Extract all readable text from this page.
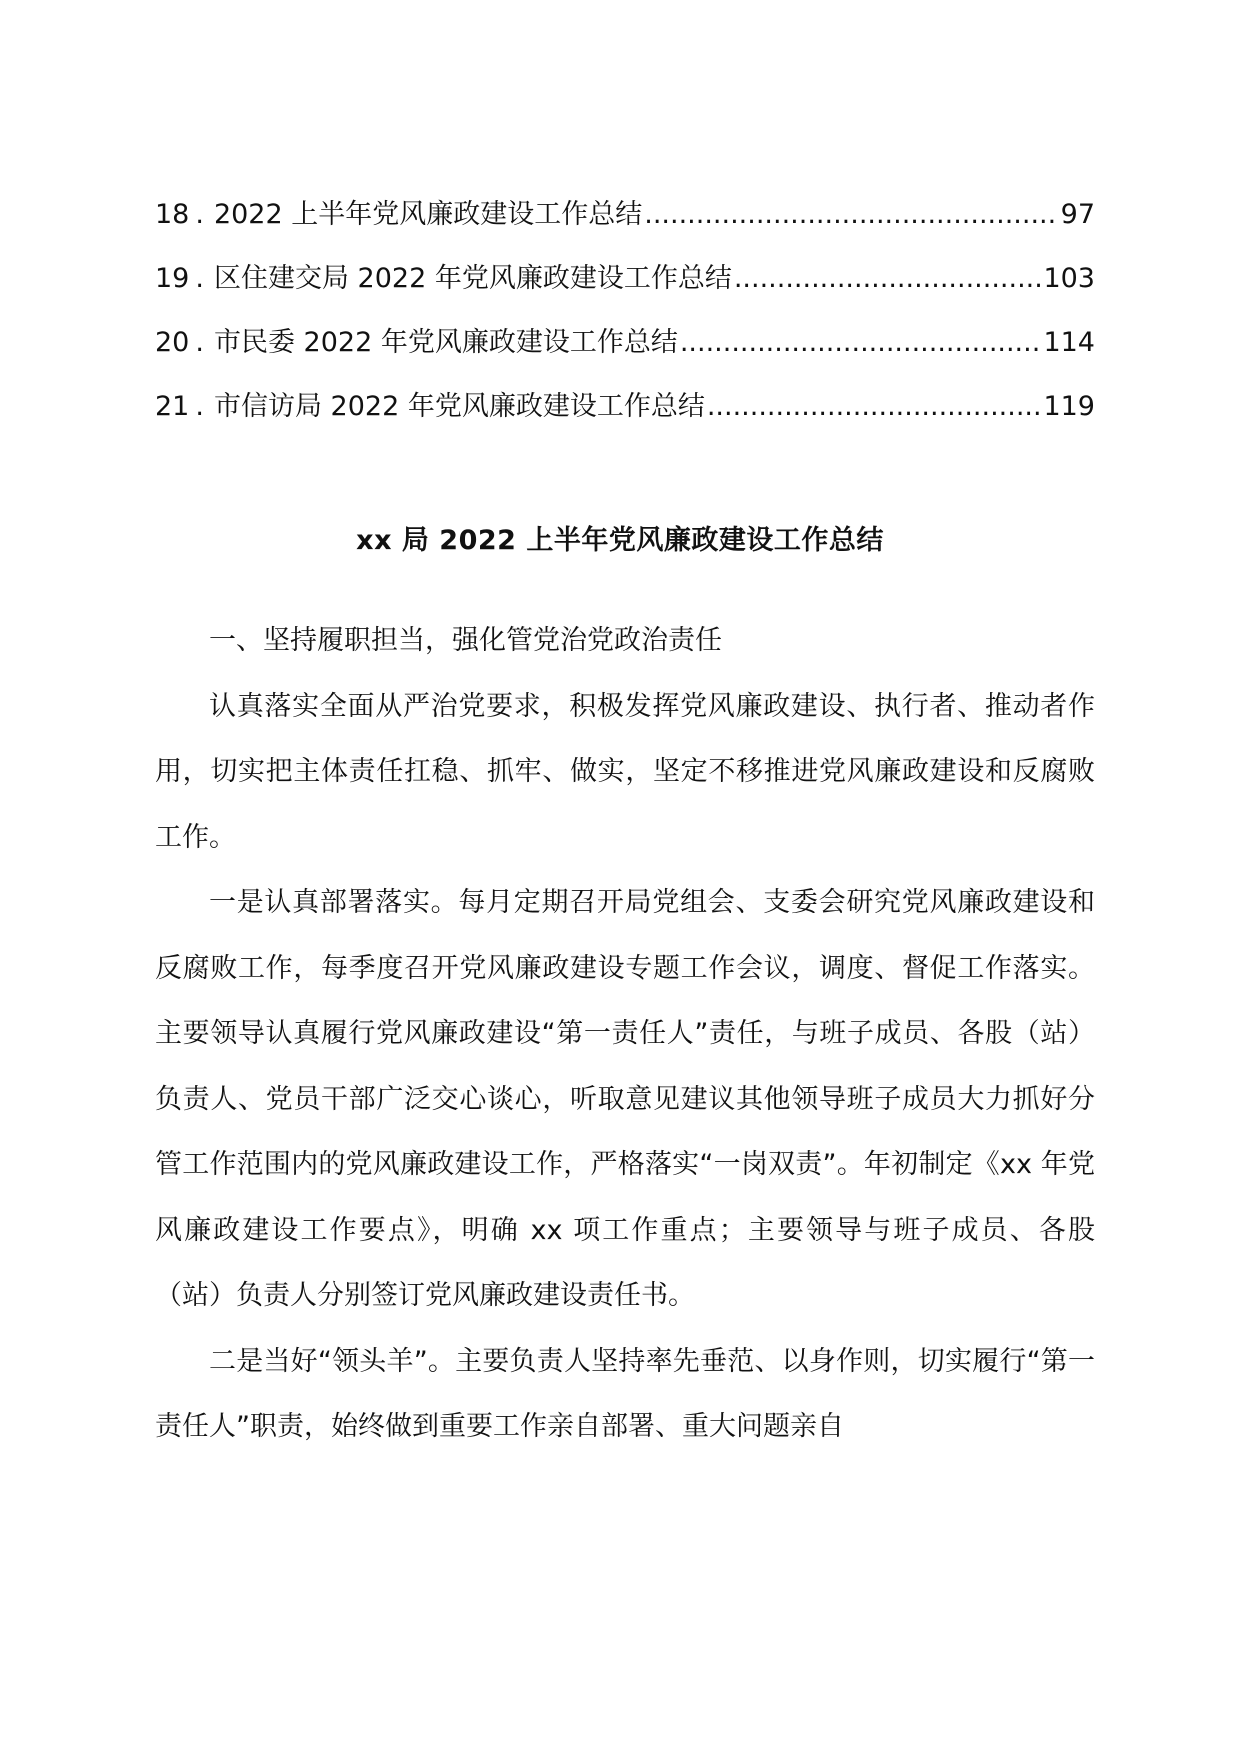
18 . 2022 上半年党风廉政建设工作总结 .....	97
19 . 区住建交局 2022 年党风廉政建设工作总结 .....	103
20 . 市民委 2022 年党风廉政建设工作总结 .....	114
21 . 市信访局 2022 年党风廉政建设工作总结 .....	119
xx 局 2022 上半年党风廉政建设工作总结

一、坚持履职担当，强化管党治党政治责任

认真落实全面从严治党要求，积极发挥党风廉政建设、执行者、推动者作用，切实把主体责任扛稳、抓牢、做实，坚定不移推进党风廉政建设和反腐败工作。

一是认真部署落实。每月定期召开局党组会、支委会研究党风廉政建设和反腐败工作，每季度召开党风廉政建设专题工作会议，调度、督促工作落实。主要领导认真履行党风廉政建设“第一责任人”责任，与班子成员、各股（站）负责人、党员干部广泛交心谈心，听取意见建议其他领导班子成员大力抓好分管工作范围内的党风廉政建设工作，严格落实“一岗双责”。年初制定《xx 年党风廉政建设工作要点》，明确 xx 项工作重点；主要领导与班子成员、各股（站）负责人分别签订党风廉政建设责任书。

二是当好“领头羊”。主要负责人坚持率先垂范、以身作则，切实履行“第一责任人”职责，始终做到重要工作亲自部署、重大问题亲自
